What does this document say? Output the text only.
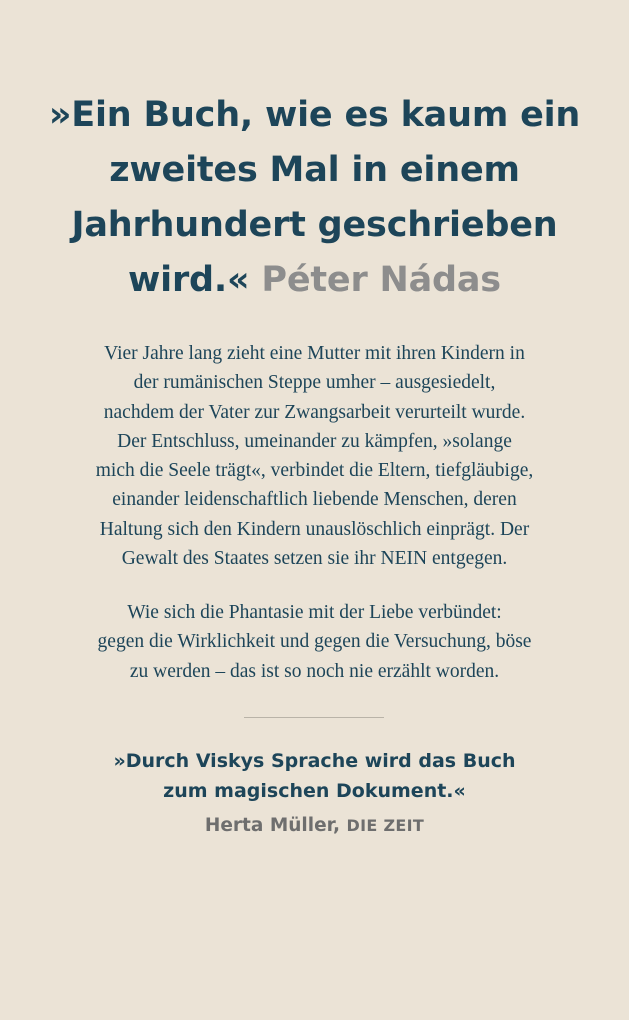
»Ein Buch, wie es kaum ein
zweites Mal in einem
Jahrhundert geschrieben
wird.« Péter Nádas

Vier Jahre lang zieht eine Mutter mit ihren Kindern in
der rumänischen Steppe umher – ausgesiedelt,
nachdem der Vater zur Zwangsarbeit verurteilt wurde.
Der Entschluss, umeinander zu kämpfen, »solange
mich die Seele trägt«, verbindet die Eltern, tiefgläubige,
einander leidenschaftlich liebende Menschen, deren
Haltung sich den Kindern unauslöschlich einprägt. Der
Gewalt des Staates setzen sie ihr NEIN entgegen.

Wie sich die Phantasie mit der Liebe verbündet:
gegen die Wirklichkeit und gegen die Versuchung, böse
zu werden – das ist so noch nie erzählt worden.

»Durch Viskys Sprache wird das Buch
zum magischen Dokument.«

Herta Müller, DIE ZEIT
